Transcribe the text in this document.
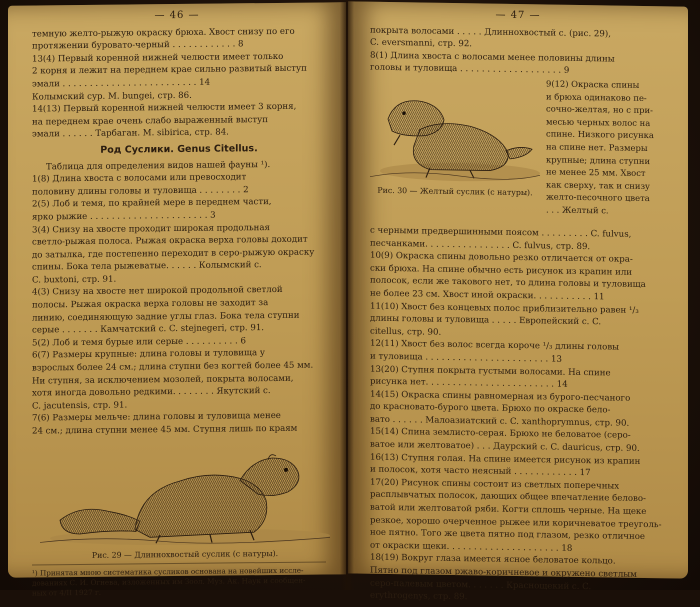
— 46 —
темную желто-рыжую окраску брюха. Хвост снизу по его
протяжении буровато-черный . . . . . . . . . . . . 8
13(4) Первый коренной нижней челюсти имеет только
2 корня и лежит на переднем крае сильно развитый выступ
эмали . . . . . . . . . . . . . . . . . . . . . . . . . 14
Колымский сур. M. bungei, стр. 86.
14(13) Первый коренной нижней челюсти имеет 3 корня,
на переднем крае очень слабо выраженный выступ
эмали . . . . . . Тарбаган. M. sibirica, стр. 84.
Род Суслики. Genus Citellus.
Таблица для определения видов нашей фауны ¹).
1(8) Длина хвоста с волосами или превосходит
половину длины головы и туловища . . . . . . . . 2
2(5) Лоб и темя, по крайней мере в переднем части,
ярко рыжие . . . . . . . . . . . . . . . . . . . . . . 3
3(4) Снизу на хвосте проходит широкая продольная
светло-рыжая полоса. Рыжая окраска верха головы доходит
до затылка, где постепенно переходит в серо-рыжую окраску
спины. Бока тела рыжеватые. . . . . . Колымский с.
C. buxtoni, стр. 91.
4(3) Снизу на хвосте нет широкой продольной светлой
полосы. Рыжая окраска верха головы не заходит за
линию, соединяющую задние углы глаз. Бока тела ступни
серые . . . . . . . Камчатский с. C. stejnegeri, стр. 91.
5(2) Лоб и темя бурые или серые . . . . . . . . . . 6
6(7) Размеры крупные: длина головы и туловища у
взрослых более 24 см.; длина ступни без когтей более 45 мм.
Ни ступня, за исключением мозолей, покрыта волосами,
хотя иногда довольно редкими. . . . . . . . Якутский с.
C. jacutensis, стр. 91.
7(6) Размеры мельче: длина головы и туловища менее
24 см.; длина ступни менее 45 мм. Ступня лишь по краям
Рис. 29 — Длиннохвостый суслик (с натуры).
¹) Принятая мною систематика сусликов основана на новейших иссле-
дованиях С. И. Огнева, изложенных им Зоол. Муз. Ак. Наук и сообщен-
ных от 4/II 1927 г.
— 47 —
покрыта волосами . . . . . Длиннохвостый с. (рис. 29),
C. eversmanni, стр. 92.
8(1) Длина хвоста с волосами менее половины длины
головы и туловища . . . . . . . . . . . . . . . . . . . 9
Рис. 30 — Желтый суслик (с натуры).
9(12) Окраска спины
и брюха одинаково пе-
сочно-желтая, но с при-
месью черных волос на
спине. Низкого рисунка
на спине нет. Размеры
крупные; длина ступни
не менее 25 мм. Хвост
как сверху, так и снизу
желто-песочного цвета
. . . Желтый с.
с черными предвершинными поясом . . . . . . . . . C. fulvus,
песчанками. . . . . . . . . . . . . . . . C. fulvus, стр. 89.
10(9) Окраска спины довольно резко отличается от окра-
ски брюха. На спине обычно есть рисунок из крапин или
полосок, если же такового нет, то длина головы и туловища
не более 23 см. Хвост иной окраски. . . . . . . . . . . 11
11(10) Хвост без концевых полос приблизительно равен ¹/₃
длины головы и туловища . . . . . Европейский с. C.
citellus, стр. 90.
12(11) Хвост без волос всегда короче ¹/₃ длины головы
и туловища . . . . . . . . . . . . . . . . . . . . . . . 13
13(20) Ступня покрыта густыми волосами. На спине
рисунка нет. . . . . . . . . . . . . . . . . . . . . . . . 14
14(15) Окраска спины равномерная из бурого-песчаного
до красновато-бурого цвета. Брюхо по окраске бело-
вато . . . . . . Малоазиатский с. C. xanthoprymnus, стр. 90.
15(14) Спина землисто-серая. Брюхо не беловатое (серо-
ватое или желтоватое) . . . Даурский с. C. dauricus, стр. 90.
16(13) Ступня голая. На спине имеется рисунок из крапин
и полосок, хотя часто неясный . . . . . . . . . . . . 17
17(20) Рисунок спины состоит из светлых поперечных
расплывчатых полосок, дающих общее впечатление белово-
ватой или желтоватой ряби. Когти сплошь черные. На щеке
резкое, хорошо очерченное рыжее или коричневатое треуголь-
ное пятно. Того же цвета пятно под глазом, резко отличное
от окраски щеки. . . . . . . . . . . . . . . . . . . . . 18
18(19) Вокруг глаза имеется ясное беловатое кольцо.
Пятно под глазом ржаво-коричневое и окружено светлым
серо-палевым цветом. . . . . . . Краснощекий с. C.
erythrogenys, стр. 89.
